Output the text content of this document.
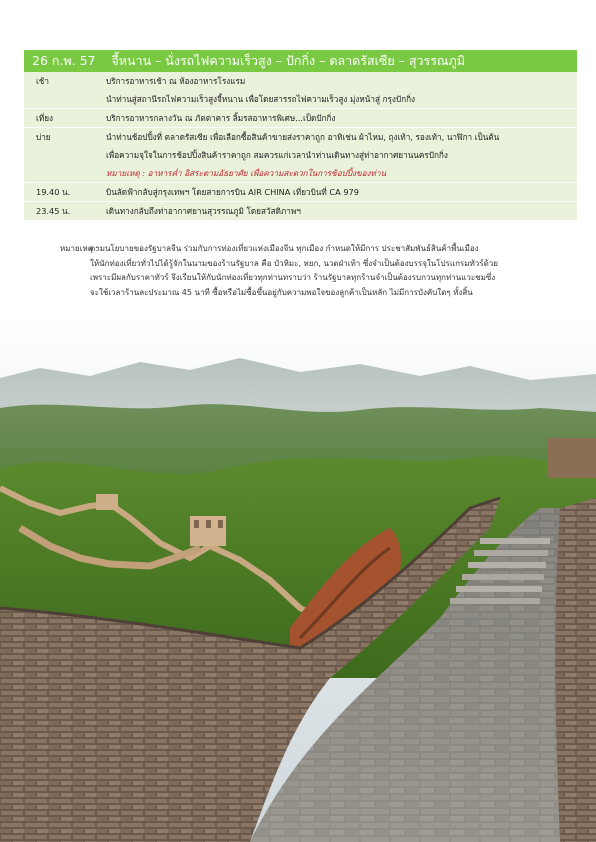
26 ก.พ. 57 จี้หนาน – นั่งรถไฟความเร็วสูง – ปักกิ่ง – ตลาดรัสเซีย – สุวรรณภูมิ
เช้า	บริการอาหารเช้า ณ ห้องอาหารโรงแรม
นำท่านสู่สถานีรถไฟความเร็วสูงจี้หนาน เพื่อโดยสารรถไฟความเร็วสูง มุ่งหน้าสู่ กรุงปักกิ่ง
เที่ยง	บริการอาหารกลางวัน ณ ภัตตาคาร ลิ้มรสอาหารพิเศษ...เป็ดปักกิ่ง
บ่าย	นำท่านช้อปปิ้งที่ ตลาดรัสเซีย เพื่อเลือกซื้อสินค้าขายส่งราคาถูก อาทิเช่น ผ้าไหม, ถุงเท้า, รองเท้า, นาฬิกา เป็นต้น
เพื่อความจุใจในการช้อปปิ้งสินค้าราคาถูก สมควรแก่เวลานำท่านเดินทางสู่ท่าอากาศยานนครปักกิ่ง
หมายเหตุ : อาหารค่ำ อิสระตามอัธยาศัย เพื่อความสะดวกในการช้อปปิ้งของท่าน
19.40 น.	บินลัดฟ้ากลับสู่กรุงเทพฯ โดยสายการบิน AIR CHINA เที่ยวบินที่ CA 979
23.45 น.	เดินทางกลับถึงท่าอากาศยานสุวรรณภูมิ โดยสวัสดิภาพฯ
หมายเหตุ :
ตามนโยบายของรัฐบาลจีน ร่วมกับการท่องเที่ยวแห่งเมืองจีน ทุกเมือง กำหนดให้มีการ ประชาสัมพันธ์สินค้าพื้นเมือง
ให้นักท่องเที่ยวทั่วไปได้รู้จักในนามของร้านรัฐบาล คือ บัวหิมะ, หยก, นวดฝ่าเท้า ซึ่งจำเป็นต้องบรรจุในโปรแกรมทัวร์ด้วย
เพราะมีผลกับราคาทัวร์ จึงเรียนให้กับนักท่องเที่ยวทุกท่านทราบว่า ร้านรัฐบาลทุกร้านจำเป็นต้องรบกวนทุกท่านแวะชมซึ่ง
จะใช้เวลาร้านละประมาณ 45 นาที ซื้อหรือไม่ซื้อขึ้นอยู่กับความพอใจของลูกค้าเป็นหลัก ไม่มีการบังคับใดๆ ทั้งสิ้น
